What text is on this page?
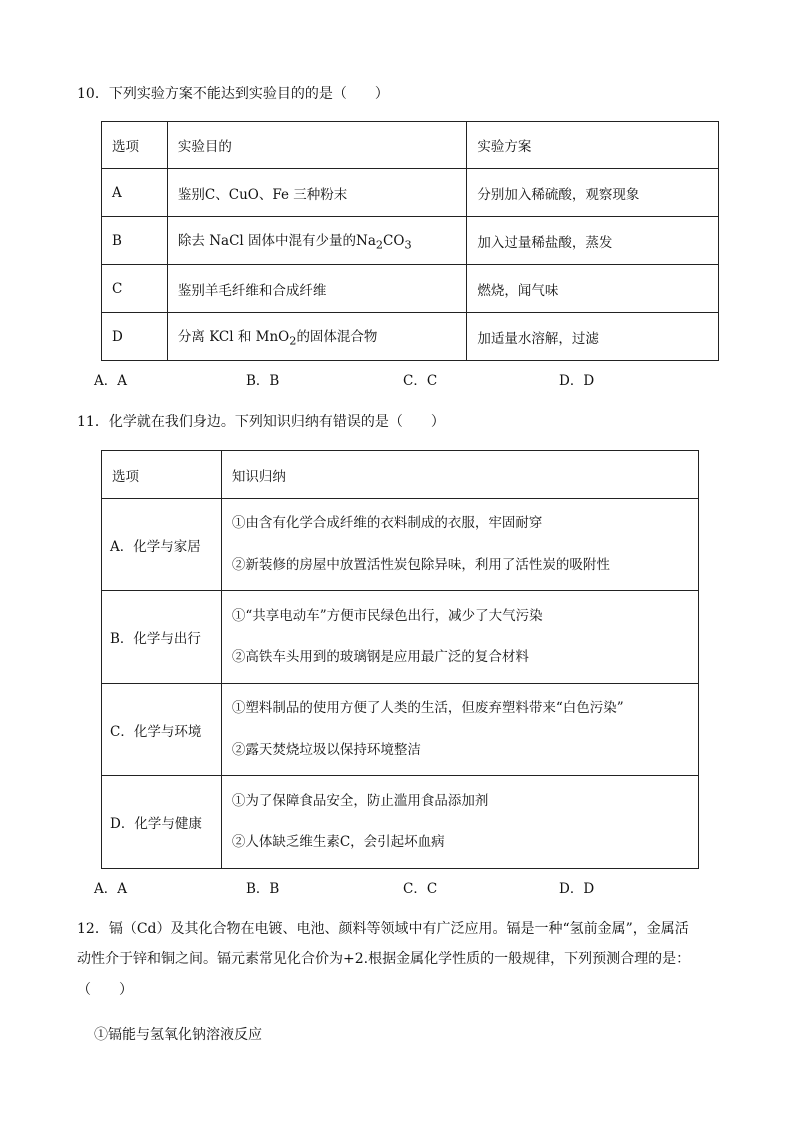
10．下列实验方案不能达到实验目的的是（　　）
选项	实验目的	实验方案
A	鉴别C、CuO、Fe 三种粉末	分别加入稀硫酸，观察现象
B	除去 NaCl 固体中混有少量的$Na_2CO_3$	加入过量稀盐酸，蒸发
C	鉴别羊毛纤维和合成纤维	燃烧，闻气味
D	分离 KCl 和 MnO$_2$的固体混合物	加适量水溶解，过滤
A．A	B．B	C．C	D．D
11．化学就在我们身边。下列知识归纳有错误的是（　　）
选项	知识归纳
A．化学与家居	①由含有化学合成纤维的衣料制成的衣服，牢固耐穿
②新装修的房屋中放置活性炭包除异味，利用了活性炭的吸附性

B．化学与出行	①“共享电动车”方便市民绿色出行，减少了大气污染
②高铁车头用到的玻璃钢是应用最广泛的复合材料

C．化学与环境	①塑料制品的使用方便了人类的生活，但废弃塑料带来“白色污染”
②露天焚烧垃圾以保持环境整洁

D．化学与健康	①为了保障食品安全，防止滥用食品添加剂
②人体缺乏维生素C，会引起坏血病
A．A	B．B	C．C	D．D
12．镉（Cd）及其化合物在电镀、电池、颜料等领域中有广泛应用。镉是一种“氢前金属”，金属活
动性介于锌和铜之间。镉元素常见化合价为+2.根据金属化学性质的一般规律，下列预测合理的是：
（　　）
①镉能与氢氧化钠溶液反应
